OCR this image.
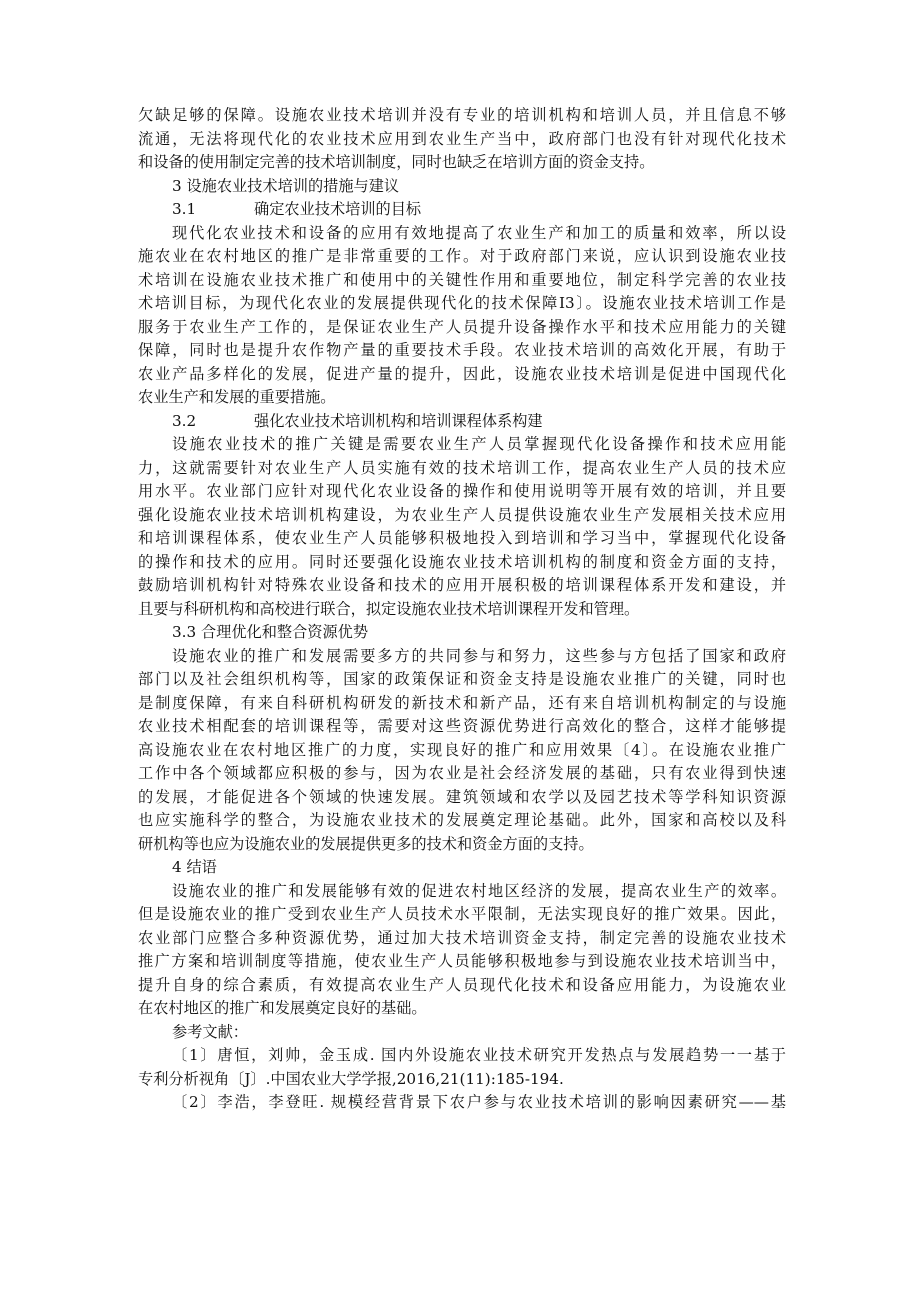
欠缺足够的保障。设施农业技术培训并没有专业的培训机构和培训人员，并且信息不够
流通，无法将现代化的农业技术应用到农业生产当中，政府部门也没有针对现代化技术
和设备的使用制定完善的技术培训制度，同时也缺乏在培训方面的资金支持。
3 设施农业技术培训的措施与建议
3.1	确定农业技术培训的目标
现代化农业技术和设备的应用有效地提高了农业生产和加工的质量和效率，所以设
施农业在农村地区的推广是非常重要的工作。对于政府部门来说，应认识到设施农业技
术培训在设施农业技术推广和使用中的关键性作用和重要地位，制定科学完善的农业技
术培训目标，为现代化农业的发展提供现代化的技术保障I3〕。设施农业技术培训工作是
服务于农业生产工作的，是保证农业生产人员提升设备操作水平和技术应用能力的关键
保障，同时也是提升农作物产量的重要技术手段。农业技术培训的高效化开展，有助于
农业产品多样化的发展，促进产量的提升，因此，设施农业技术培训是促进中国现代化
农业生产和发展的重要措施。
3.2	强化农业技术培训机构和培训课程体系构建
设施农业技术的推广关键是需要农业生产人员掌握现代化设备操作和技术应用能
力，这就需要针对农业生产人员实施有效的技术培训工作，提高农业生产人员的技术应
用水平。农业部门应针对现代化农业设备的操作和使用说明等开展有效的培训，并且要
强化设施农业技术培训机构建设，为农业生产人员提供设施农业生产发展相关技术应用
和培训课程体系，使农业生产人员能够积极地投入到培训和学习当中，掌握现代化设备
的操作和技术的应用。同时还要强化设施农业技术培训机构的制度和资金方面的支持，
鼓励培训机构针对特殊农业设备和技术的应用开展积极的培训课程体系开发和建设，并
且要与科研机构和高校进行联合，拟定设施农业技术培训课程开发和管理。
3.3 合理优化和整合资源优势
设施农业的推广和发展需要多方的共同参与和努力，这些参与方包括了国家和政府
部门以及社会组织机构等，国家的政策保证和资金支持是设施农业推广的关键，同时也
是制度保障，有来自科研机构研发的新技术和新产品，还有来自培训机构制定的与设施
农业技术相配套的培训课程等，需要对这些资源优势进行高效化的整合，这样才能够提
高设施农业在农村地区推广的力度，实现良好的推广和应用效果〔4〕。在设施农业推广
工作中各个领域都应积极的参与，因为农业是社会经济发展的基础，只有农业得到快速
的发展，才能促进各个领域的快速发展。建筑领域和农学以及园艺技术等学科知识资源
也应实施科学的整合，为设施农业技术的发展奠定理论基础。此外，国家和高校以及科
研机构等也应为设施农业的发展提供更多的技术和资金方面的支持。
4 结语
设施农业的推广和发展能够有效的促进农村地区经济的发展，提高农业生产的效率。
但是设施农业的推广受到农业生产人员技术水平限制，无法实现良好的推广效果。因此，
农业部门应整合多种资源优势，通过加大技术培训资金支持，制定完善的设施农业技术
推广方案和培训制度等措施，使农业生产人员能够积极地参与到设施农业技术培训当中，
提升自身的综合素质，有效提高农业生产人员现代化技术和设备应用能力，为设施农业
在农村地区的推广和发展奠定良好的基础。
参考文献：
〔1〕唐恒，刘帅，金玉成. 国内外设施农业技术研究开发热点与发展趋势一一基于
专利分析视角〔J〕.中国农业大学学报,2016,21(11):185-194.
〔2〕李浩，李登旺. 规模经营背景下农户参与农业技术培训的影响因素研究——基
